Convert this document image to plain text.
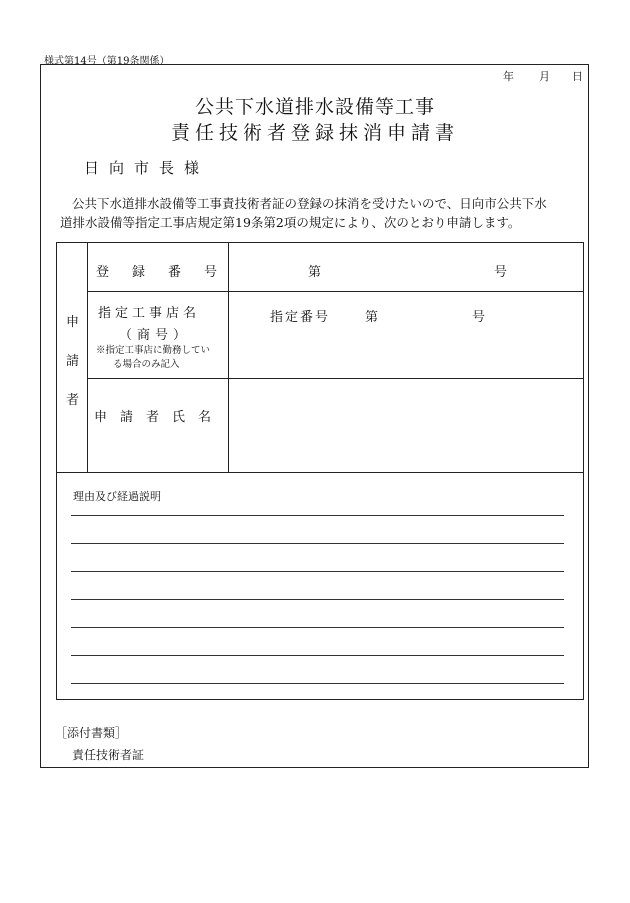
様式第14号（第19条関係）
年 月 日
公共下水道排水設備等工事
責任技術者登録抹消申請書
日向市長様
公共下水道排水設備等工事責技術者証の登録の抹消を受けたいので、日向市公共下水
道排水設備等指定工事店規定第19条第2項の規定により、次のとおり申請します。
申
請
者
登　録　番　号	第	号
指定工事店名
（商号）
※指定工事店に勤務してい
る場合のみ記入
指定番号	第	号
申　請　者　氏　名
理由及び経過説明
［添付書類］
責任技術者証
